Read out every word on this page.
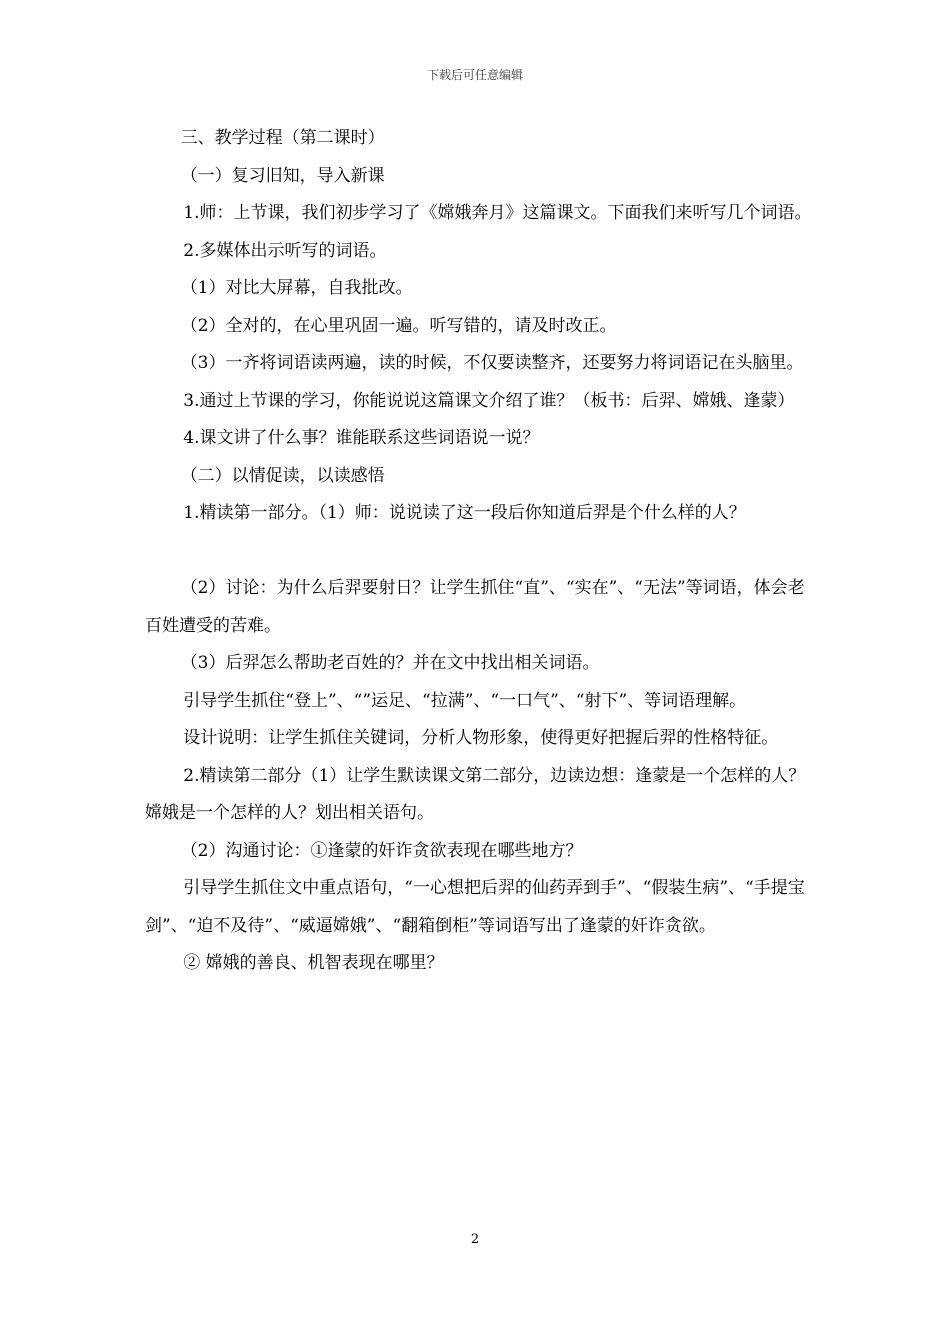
下载后可任意编辑

三、教学过程（第二课时）

（一）复习旧知，导入新课

1.师：上节课，我们初步学习了《嫦娥奔月》这篇课文。下面我们来听写几个词语。

2.多媒体出示听写的词语。

（1）对比大屏幕，自我批改。

（2）全对的，在心里巩固一遍。听写错的，请及时改正。

（3）一齐将词语读两遍，读的时候，不仅要读整齐，还要努力将词语记在头脑里。

3.通过上节课的学习，你能说说这篇课文介绍了谁？（板书：后羿、嫦娥、逢蒙）

4.课文讲了什么事？谁能联系这些词语说一说？

（二）以情促读，以读感悟

1.精读第一部分。（1）师：说说读了这一段后你知道后羿是个什么样的人？

（2）讨论：为什么后羿要射日？让学生抓住“直”、“实在”、“无法”等词语，体会老百姓遭受的苦难。

（3）后羿怎么帮助老百姓的？并在文中找出相关词语。

引导学生抓住“登上”、“”运足、“拉满”、“一口气”、“射下”、等词语理解。

设计说明：让学生抓住关键词，分析人物形象，使得更好把握后羿的性格特征。

2.精读第二部分（1）让学生默读课文第二部分，边读边想：逢蒙是一个怎样的人？嫦娥是一个怎样的人？划出相关语句。

（2）沟通讨论：①逢蒙的奸诈贪欲表现在哪些地方？

引导学生抓住文中重点语句，“一心想把后羿的仙药弄到手”、“假装生病”、“手提宝剑”、“迫不及待”、“威逼嫦娥”、“翻箱倒柜”等词语写出了逢蒙的奸诈贪欲。

② 嫦娥的善良、机智表现在哪里？

2
